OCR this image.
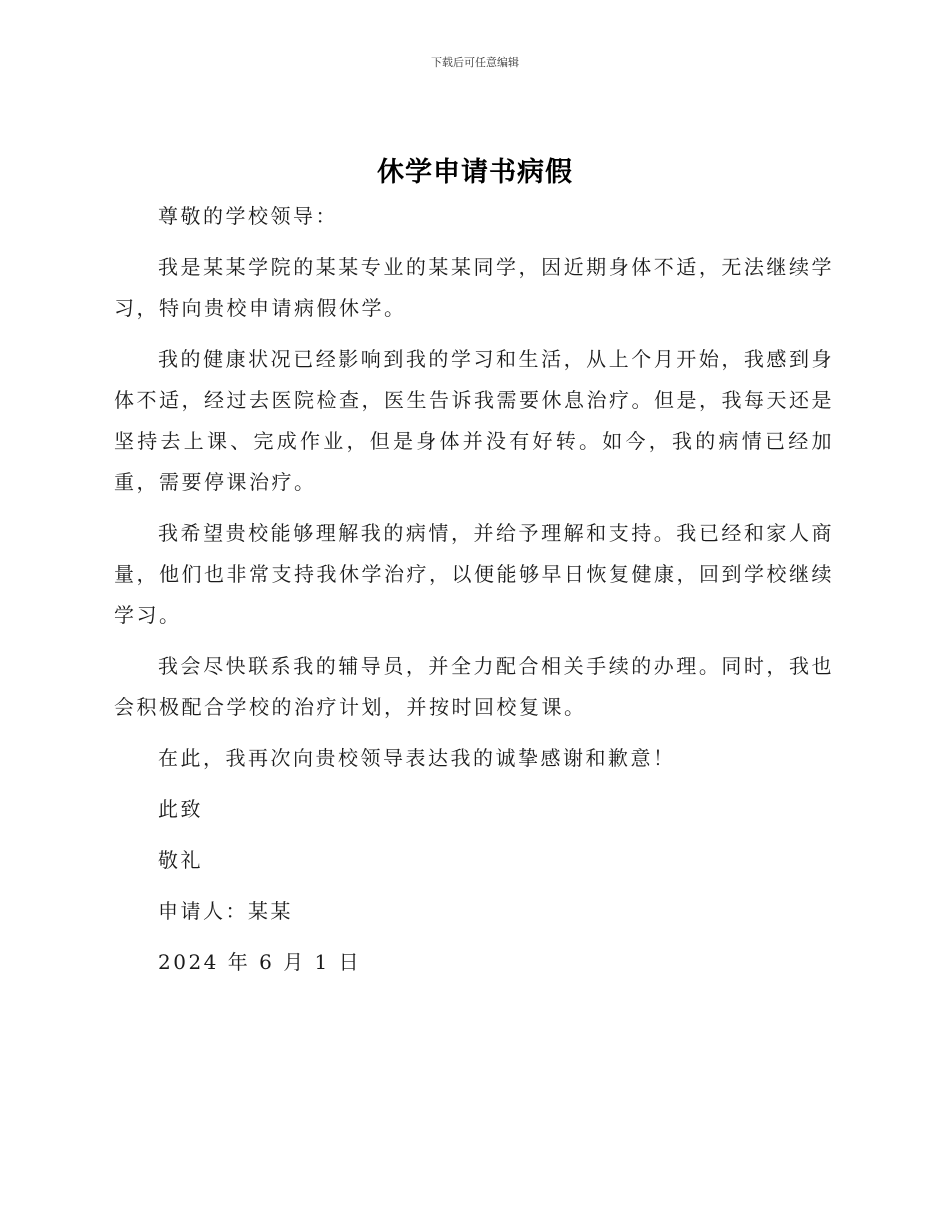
下载后可任意编辑
休学申请书病假

尊敬的学校领导：

我是某某学院的某某专业的某某同学，因近期身体不适，无法继续学习，特向贵校申请病假休学。

我的健康状况已经影响到我的学习和生活，从上个月开始，我感到身体不适，经过去医院检查，医生告诉我需要休息治疗。但是，我每天还是坚持去上课、完成作业，但是身体并没有好转。如今，我的病情已经加重，需要停课治疗。

我希望贵校能够理解我的病情，并给予理解和支持。我已经和家人商量，他们也非常支持我休学治疗，以便能够早日恢复健康，回到学校继续学习。

我会尽快联系我的辅导员，并全力配合相关手续的办理。同时，我也会积极配合学校的治疗计划，并按时回校复课。

在此，我再次向贵校领导表达我的诚挚感谢和歉意！

此致

敬礼

申请人：某某

2024 年 6 月 1 日
